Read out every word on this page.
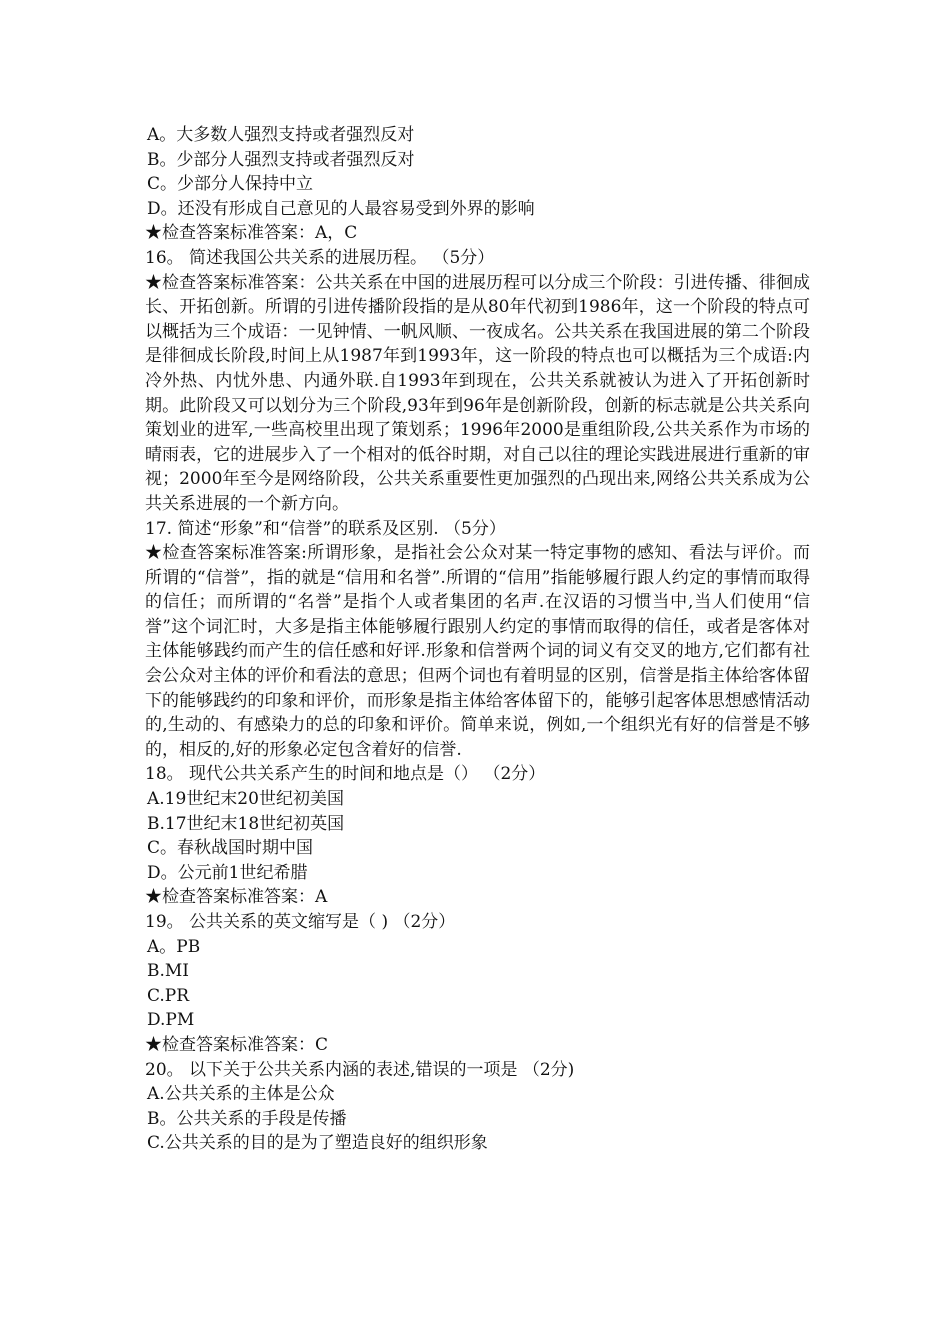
A。大多数人强烈支持或者强烈反对
B。少部分人强烈支持或者强烈反对
C。少部分人保持中立
D。还没有形成自己意见的人最容易受到外界的影响
★检查答案标准答案：A，C
16。 简述我国公共关系的进展历程。 （5分）
★检查答案标准答案：公共关系在中国的进展历程可以分成三个阶段：引进传播、徘徊成长、开拓创新。所谓的引进传播阶段指的是从80年代初到1986年，这一个阶段的特点可以概括为三个成语：一见钟情、一帆风顺、一夜成名。公共关系在我国进展的第二个阶段是徘徊成长阶段,时间上从1987年到1993年，这一阶段的特点也可以概括为三个成语:内冷外热、内忧外患、内通外联.自1993年到现在，公共关系就被认为进入了开拓创新时期。此阶段又可以划分为三个阶段,93年到96年是创新阶段，创新的标志就是公共关系向策划业的进军,一些高校里出现了策划系；1996年2000是重组阶段,公共关系作为市场的晴雨表，它的进展步入了一个相对的低谷时期，对自己以往的理论实践进展进行重新的审视；2000年至今是网络阶段，公共关系重要性更加强烈的凸现出来,网络公共关系成为公共关系进展的一个新方向。
17. 简述“形象”和“信誉”的联系及区别. （5分）
★检查答案标准答案:所谓形象，是指社会公众对某一特定事物的感知、看法与评价。而所谓的“信誉”，指的就是“信用和名誉”.所谓的“信用”指能够履行跟人约定的事情而取得的信任；而所谓的“名誉”是指个人或者集团的名声.在汉语的习惯当中,当人们使用“信誉”这个词汇时，大多是指主体能够履行跟别人约定的事情而取得的信任，或者是客体对主体能够践约而产生的信任感和好评.形象和信誉两个词的词义有交叉的地方,它们都有社会公众对主体的评价和看法的意思；但两个词也有着明显的区别，信誉是指主体给客体留下的能够践约的印象和评价，而形象是指主体给客体留下的，能够引起客体思想感情活动的,生动的、有感染力的总的印象和评价。简单来说，例如,一个组织光有好的信誉是不够的，相反的,好的形象必定包含着好的信誉.
18。 现代公共关系产生的时间和地点是（） （2分）
A.19世纪末20世纪初美国
B.17世纪末18世纪初英国
C。春秋战国时期中国
D。公元前1世纪希腊
★检查答案标准答案：A
19。 公共关系的英文缩写是（ ) （2分）
A。PB
B.MI
C.PR
D.PM
★检查答案标准答案：C
20。 以下关于公共关系内涵的表述,错误的一项是 （2分)
A.公共关系的主体是公众
B。公共关系的手段是传播
C.公共关系的目的是为了塑造良好的组织形象
